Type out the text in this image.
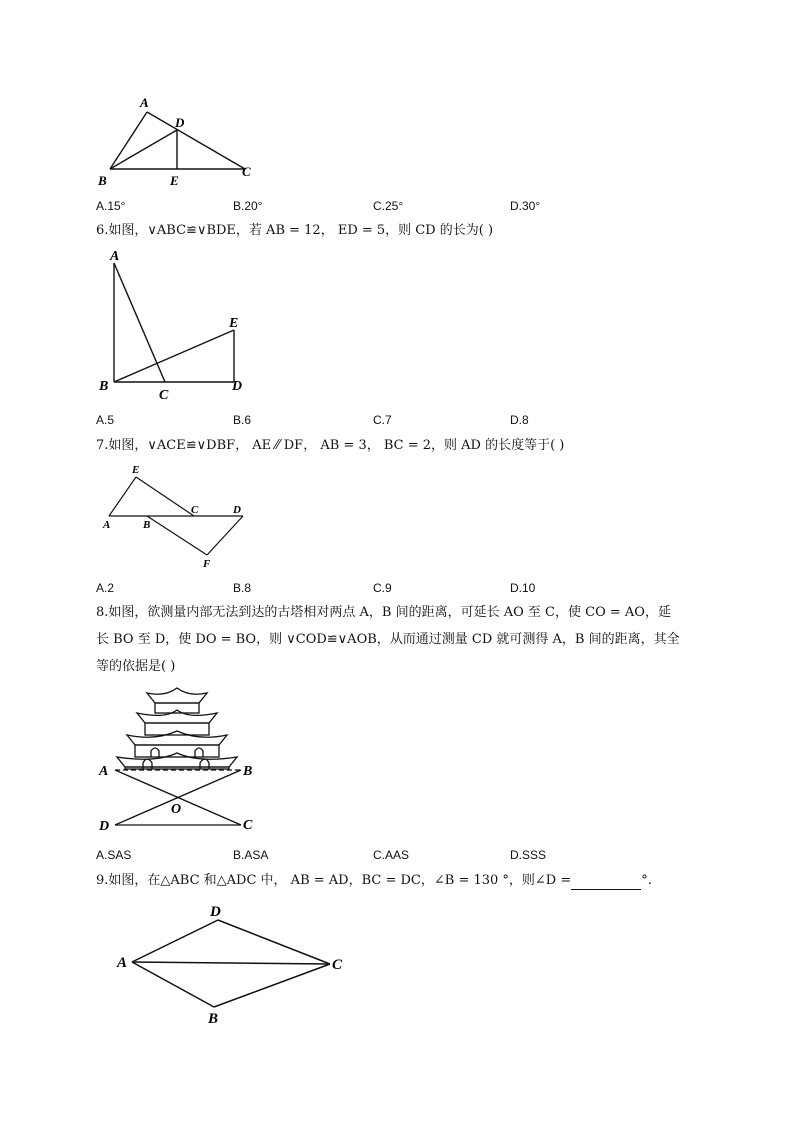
A
D
B	E
C
A.15°	B.20°	C.25°	D.30°
6.如图，∨ABC≌∨BDE，若 AB = 12， ED = 5，则 CD 的长为( )
A
E
B
C
D
A.5	B.6	C.7	D.8
7.如图，∨ACE≌∨DBF， AE ⁄⁄ DF， AB = 3， BC = 2，则 AD 的长度等于( )
E
A	B
C	D
F
A.2	B.8	C.9	D.10
8.如图，欲测量内部无法到达的古塔相对两点 A，B 间的距离，可延长 AO 至 C，使 CO = AO，延
长 BO 至 D，使 DO = BO，则 ∨COD≌∨AOB，从而通过测量 CD 就可测得 A，B 间的距离，其全
等的依据是( )
A	B
O
D	C
A.SAS	B.ASA	C.AAS	D.SSS
9.如图，在△ABC 和△ADC 中， AB = AD，BC = DC，∠B = 130 °，则∠D =	°.
D
A	C
B
